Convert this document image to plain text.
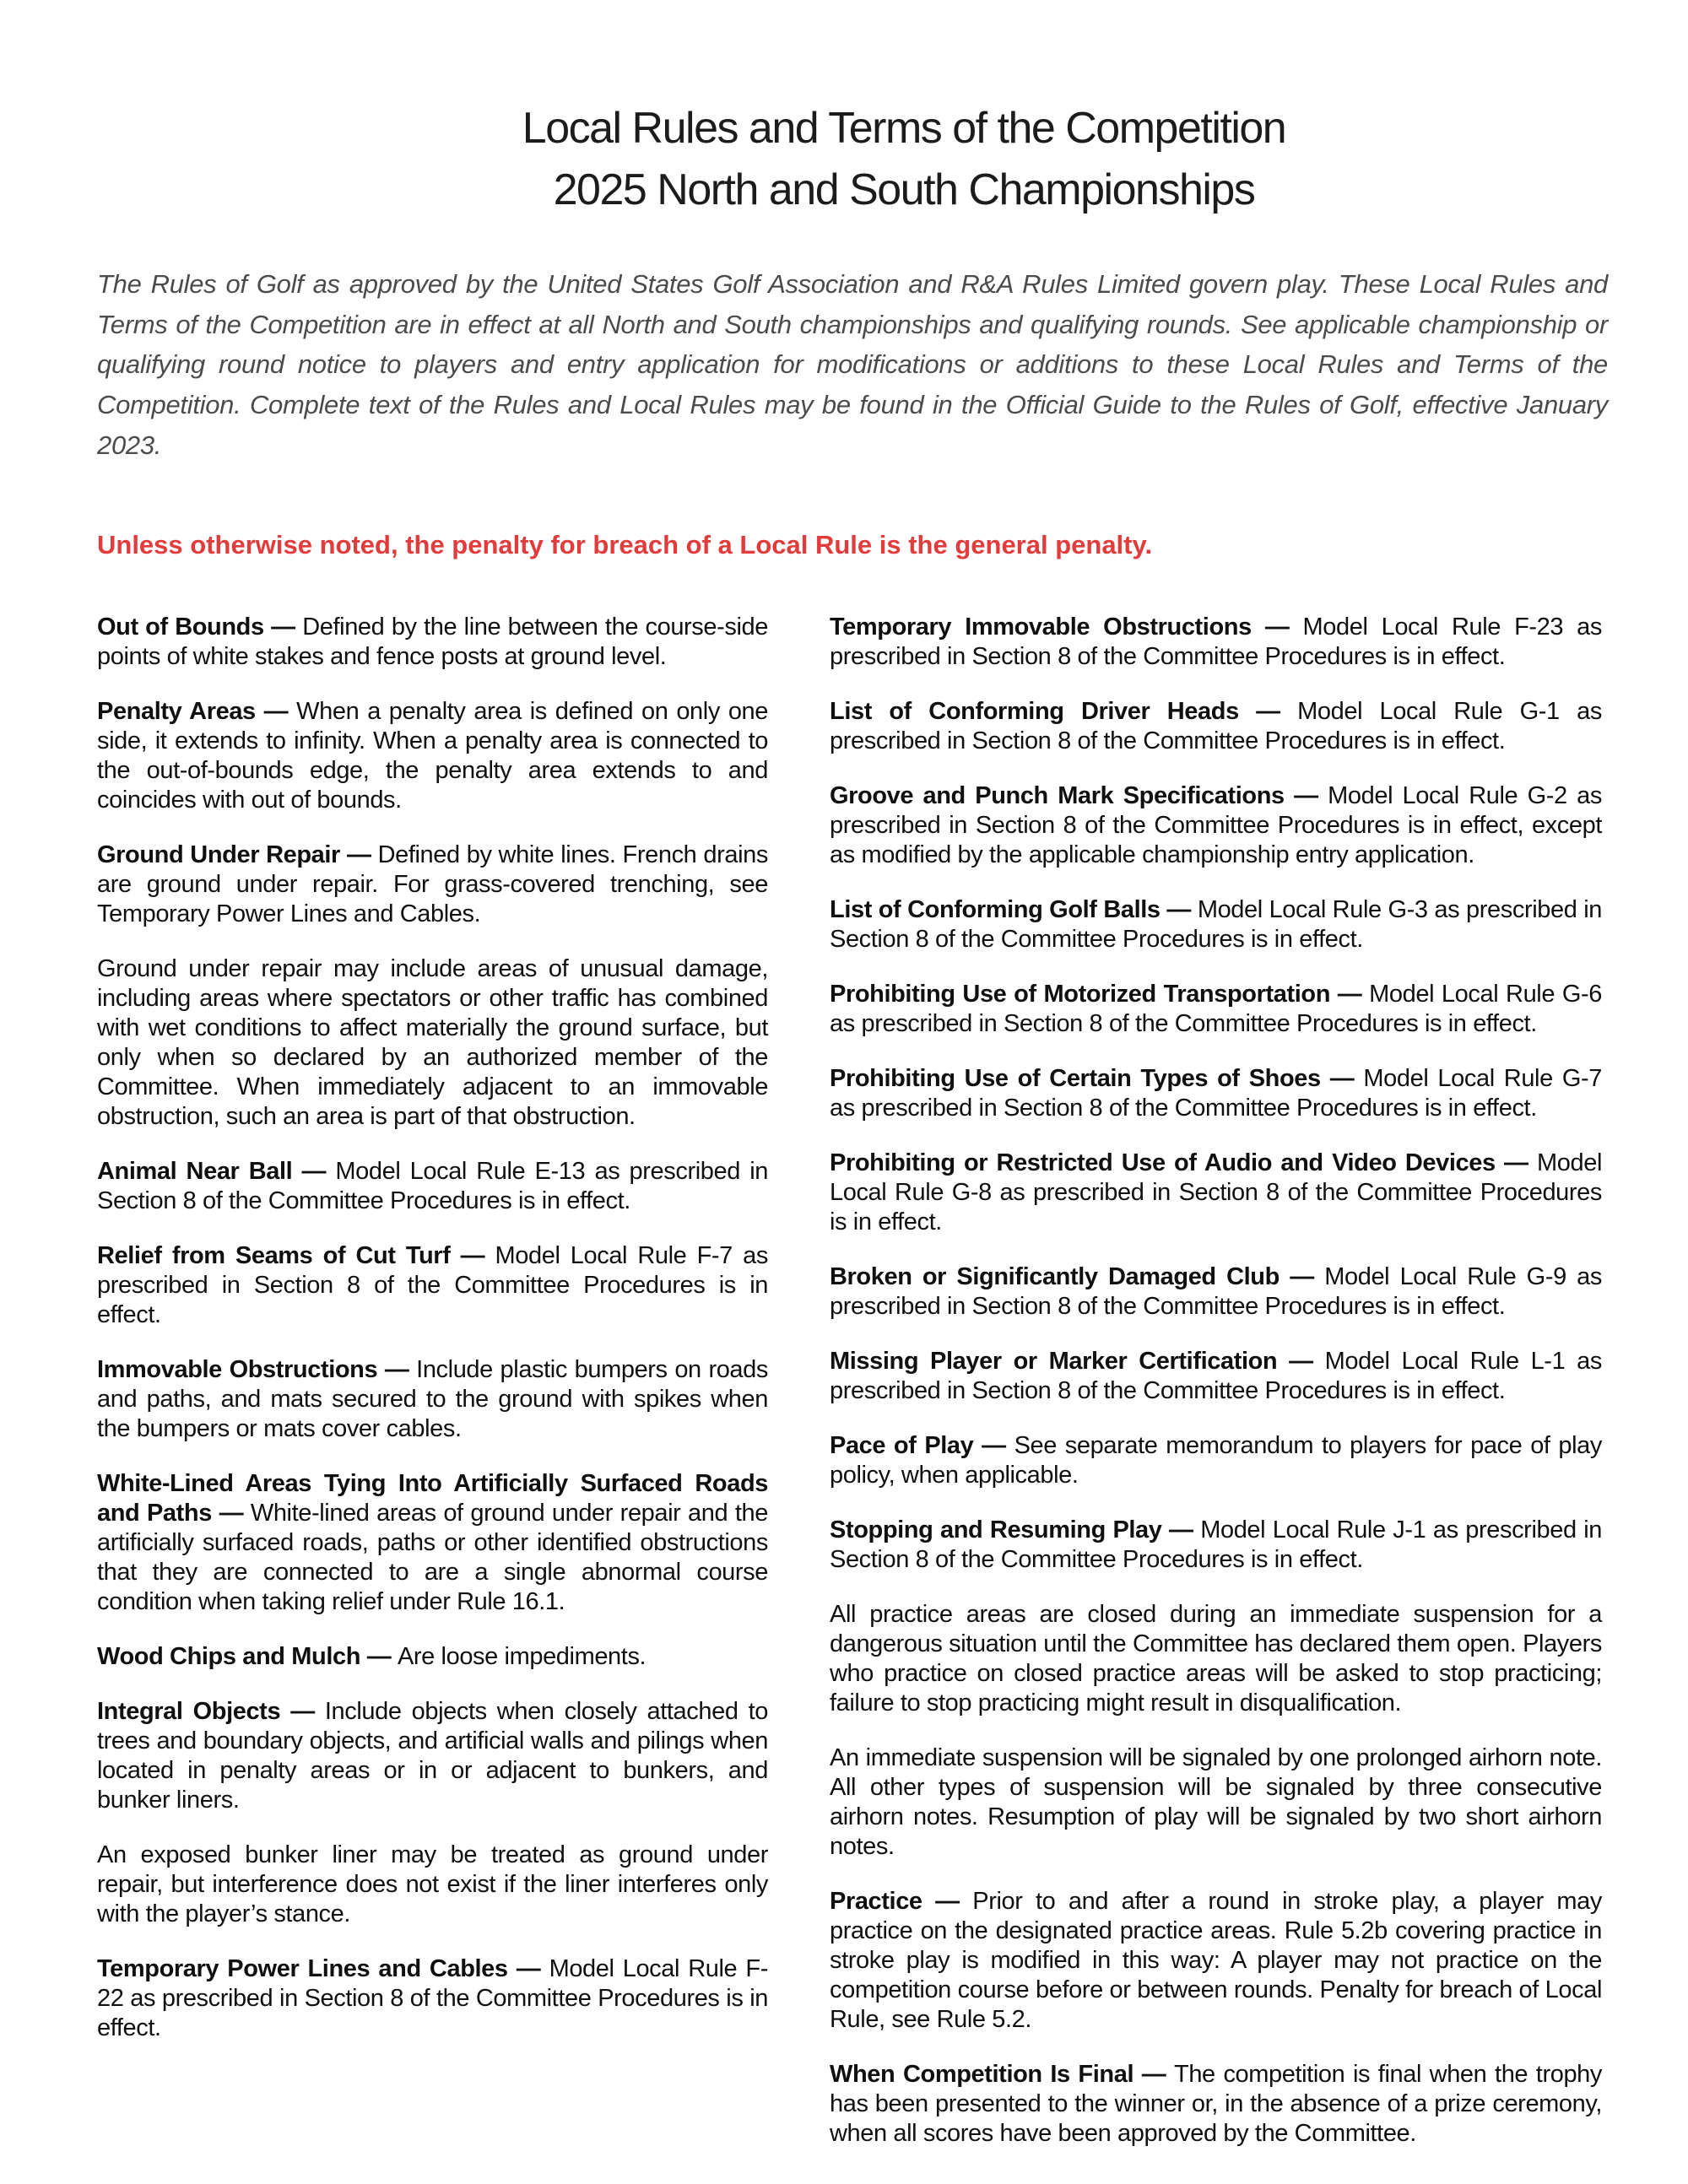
Local Rules and Terms of the Competition
2025 North and South Championships
The Rules of Golf as approved by the United States Golf Association and R&A Rules Limited govern play. These Local Rules and Terms of the Competition are in effect at all North and South championships and qualifying rounds. See applicable championship or qualifying round notice to players and entry application for modifications or additions to these Local Rules and Terms of the Competition. Complete text of the Rules and Local Rules may be found in the Official Guide to the Rules of Golf, effective January 2023.
Unless otherwise noted, the penalty for breach of a Local Rule is the general penalty.

Out of Bounds — Defined by the line between the course-side points of white stakes and fence posts at ground level.

Penalty Areas — When a penalty area is defined on only one side, it extends to infinity. When a penalty area is connected to the out-of-bounds edge, the penalty area extends to and coincides with out of bounds.

Ground Under Repair — Defined by white lines. French drains are ground under repair. For grass-covered trenching, see Temporary Power Lines and Cables.

Ground under repair may include areas of unusual damage, including areas where spectators or other traffic has combined with wet conditions to affect materially the ground surface, but only when so declared by an authorized member of the Committee. When immediately adjacent to an immovable obstruction, such an area is part of that obstruction.

Animal Near Ball — Model Local Rule E-13 as prescribed in Section 8 of the Committee Procedures is in effect.

Relief from Seams of Cut Turf — Model Local Rule F-7 as prescribed in Section 8 of the Committee Procedures is in effect.

Immovable Obstructions — Include plastic bumpers on roads and paths, and mats secured to the ground with spikes when the bumpers or mats cover cables.

White-Lined Areas Tying Into Artificially Surfaced Roads and Paths — White-lined areas of ground under repair and the artificially surfaced roads, paths or other identified obstructions that they are connected to are a single abnormal course condition when taking relief under Rule 16.1.

Wood Chips and Mulch — Are loose impediments.

Integral Objects — Include objects when closely attached to trees and boundary objects, and artificial walls and pilings when located in penalty areas or in or adjacent to bunkers, and bunker liners.

An exposed bunker liner may be treated as ground under repair, but interference does not exist if the liner interferes only with the player’s stance.

Temporary Power Lines and Cables — Model Local Rule F-22 as prescribed in Section 8 of the Committee Procedures is in effect.

Temporary Immovable Obstructions — Model Local Rule F-23 as prescribed in Section 8 of the Committee Procedures is in effect.

List of Conforming Driver Heads — Model Local Rule G-1 as prescribed in Section 8 of the Committee Procedures is in effect.

Groove and Punch Mark Specifications — Model Local Rule G-2 as prescribed in Section 8 of the Committee Procedures is in effect, except as modified by the applicable championship entry application.

List of Conforming Golf Balls — Model Local Rule G-3 as prescribed in Section 8 of the Committee Procedures is in effect.

Prohibiting Use of Motorized Transportation — Model Local Rule G-6 as prescribed in Section 8 of the Committee Procedures is in effect.

Prohibiting Use of Certain Types of Shoes — Model Local Rule G-7 as prescribed in Section 8 of the Committee Procedures is in effect.

Prohibiting or Restricted Use of Audio and Video Devices — Model Local Rule G-8 as prescribed in Section 8 of the Committee Procedures is in effect.

Broken or Significantly Damaged Club — Model Local Rule G-9 as prescribed in Section 8 of the Committee Procedures is in effect.

Missing Player or Marker Certification — Model Local Rule L-1 as prescribed in Section 8 of the Committee Procedures is in effect.

Pace of Play — See separate memorandum to players for pace of play policy, when applicable.

Stopping and Resuming Play — Model Local Rule J-1 as prescribed in Section 8 of the Committee Procedures is in effect.

All practice areas are closed during an immediate suspension for a dangerous situation until the Committee has declared them open. Players who practice on closed practice areas will be asked to stop practicing; failure to stop practicing might result in disqualification.

An immediate suspension will be signaled by one prolonged airhorn note. All other types of suspension will be signaled by three consecutive airhorn notes. Resumption of play will be signaled by two short airhorn notes.

Practice — Prior to and after a round in stroke play, a player may practice on the designated practice areas. Rule 5.2b covering practice in stroke play is modified in this way: A player may not practice on the competition course before or between rounds. Penalty for breach of Local Rule, see Rule 5.2.

When Competition Is Final — The competition is final when the trophy has been presented to the winner or, in the absence of a prize ceremony, when all scores have been approved by the Committee.
